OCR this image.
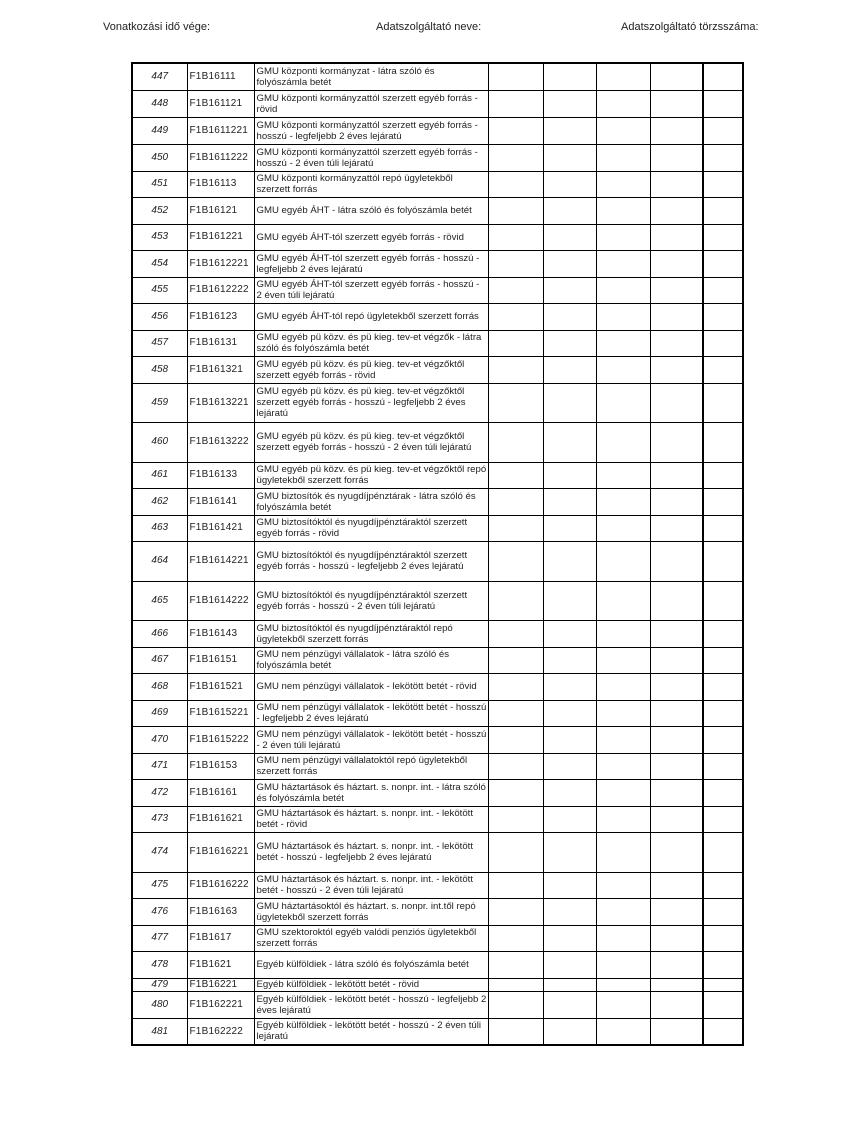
Vonatkozási idő vége:	Adatszolgáltató neve:	Adatszolgáltató törzsszáma:
447	F1B16111	GMU központi kormányzat - látra szóló és folyószámla betét					
448	F1B161121	GMU központi kormányzattól szerzett egyéb forrás - rövid					
449	F1B1611221	GMU központi kormányzattól szerzett egyéb forrás - hosszú - legfeljebb 2 éves lejáratú					
450	F1B1611222	GMU központi kormányzattól szerzett egyéb forrás - hosszú - 2 éven túli lejáratú					
451	F1B16113	GMU központi kormányzattól repó ügyletekből szerzett forrás					
452	F1B16121	GMU egyéb ÁHT - látra szóló és folyószámla betét					
453	F1B161221	GMU egyéb ÁHT-tól szerzett egyéb forrás - rövid					
454	F1B1612221	GMU egyéb ÁHT-tól szerzett egyéb forrás - hosszú - legfeljebb 2 éves lejáratú					
455	F1B1612222	GMU egyéb ÁHT-tól szerzett egyéb forrás - hosszú - 2 éven túli lejáratú					
456	F1B16123	GMU egyéb ÁHT-tól repó ügyletekből szerzett forrás					
457	F1B16131	GMU egyéb pü közv. és pü kieg. tev-et végzők - látra szóló és folyószámla betét					
458	F1B161321	GMU egyéb pü közv. és pü kieg. tev-et végzőktől szerzett egyéb forrás - rövid					
459	F1B1613221	GMU egyéb pü közv. és pü kieg. tev-et végzőktől szerzett egyéb forrás - hosszú - legfeljebb 2 éves lejáratú					
460	F1B1613222	GMU egyéb pü közv. és pü kieg. tev-et végzőktől szerzett egyéb forrás - hosszú - 2 éven túli lejáratú					
461	F1B16133	GMU egyéb pü közv. és pü kieg. tev-et végzőktől repó ügyletekből szerzett forrás					
462	F1B16141	GMU biztosítók és nyugdíjpénztárak - látra szóló és folyószámla betét					
463	F1B161421	GMU biztosítóktól és nyugdíjpénztáraktól szerzett egyéb forrás - rövid					
464	F1B1614221	GMU biztosítóktól és nyugdíjpénztáraktól szerzett egyéb forrás - hosszú - legfeljebb 2 éves lejáratú					
465	F1B1614222	GMU biztosítóktól és nyugdíjpénztáraktól szerzett egyéb forrás - hosszú - 2 éven túli lejáratú					
466	F1B16143	GMU biztosítóktól és nyugdíjpénztáraktól repó ügyletekből szerzett forrás					
467	F1B16151	GMU nem pénzügyi vállalatok - látra szóló és folyószámla betét					
468	F1B161521	GMU nem pénzügyi vállalatok - lekötött betét - rövid					
469	F1B1615221	GMU nem pénzügyi vállalatok - lekötött betét - hosszú - legfeljebb 2 éves lejáratú					
470	F1B1615222	GMU nem pénzügyi vállalatok - lekötött betét - hosszú - 2 éven túli lejáratú					
471	F1B16153	GMU nem pénzügyi vállalatoktól repó ügyletekből szerzett forrás					
472	F1B16161	GMU háztartások és háztart. s. nonpr. int. - látra szóló és folyószámla betét					
473	F1B161621	GMU háztartások és háztart. s. nonpr. int. - lekötött betét - rövid					
474	F1B1616221	GMU háztartások és háztart. s. nonpr. int. - lekötött betét - hosszú - legfeljebb 2 éves lejáratú					
475	F1B1616222	GMU háztartások és háztart. s. nonpr. int. - lekötött betét - hosszú - 2 éven túli lejáratú					
476	F1B16163	GMU háztartásoktól és háztart. s. nonpr. int.től repó ügyletekből szerzett forrás					
477	F1B1617	GMU szektoroktól egyéb valódi penziós ügyletekből szerzett forrás					
478	F1B1621	Egyéb külföldiek - látra szóló és folyószámla betét					
479	F1B16221	Egyéb külföldiek - lekötött betét - rövid					
480	F1B162221	Egyéb külföldiek - lekötött betét - hosszú - legfeljebb 2 éves lejáratú					
481	F1B162222	Egyéb külföldiek - lekötött betét - hosszú - 2 éven túli lejáratú					
